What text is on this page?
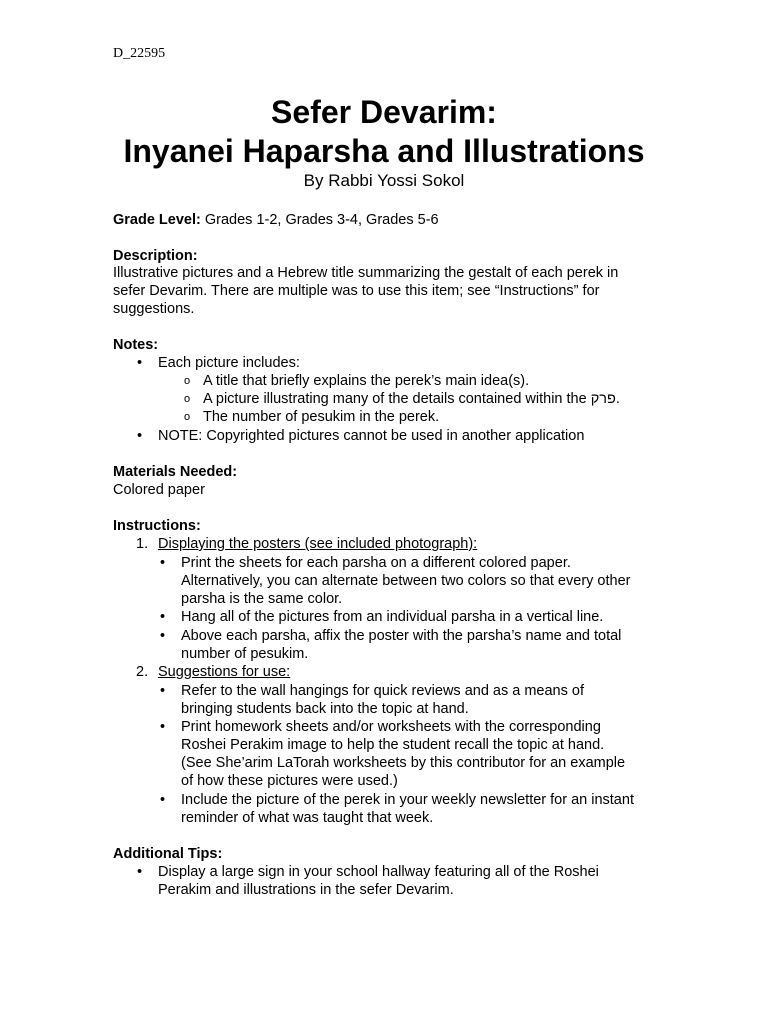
D_22595
Sefer Devarim:
Inyanei Haparsha and Illustrations
By Rabbi Yossi Sokol
Grade Level: Grades 1-2, Grades 3-4, Grades 5-6
Description:
Illustrative pictures and a Hebrew title summarizing the gestalt of each perek in
sefer Devarim. There are multiple was to use this item; see “Instructions” for
suggestions.
Notes:
• Each picture includes:
o A title that briefly explains the perek’s main idea(s).
o A picture illustrating many of the details contained within the פרק.
o The number of pesukim in the perek.
• NOTE: Copyrighted pictures cannot be used in another application
Materials Needed:
Colored paper
Instructions:
1. Displaying the posters (see included photograph):
• Print the sheets for each parsha on a different colored paper.
Alternatively, you can alternate between two colors so that every other
parsha is the same color.
• Hang all of the pictures from an individual parsha in a vertical line.
• Above each parsha, affix the poster with the parsha’s name and total
number of pesukim.
2. Suggestions for use:
• Refer to the wall hangings for quick reviews and as a means of
bringing students back into the topic at hand.
• Print homework sheets and/or worksheets with the corresponding
Roshei Perakim image to help the student recall the topic at hand.
(See She’arim LaTorah worksheets by this contributor for an example
of how these pictures were used.)
• Include the picture of the perek in your weekly newsletter for an instant
reminder of what was taught that week.
Additional Tips:
• Display a large sign in your school hallway featuring all of the Roshei
Perakim and illustrations in the sefer Devarim.
